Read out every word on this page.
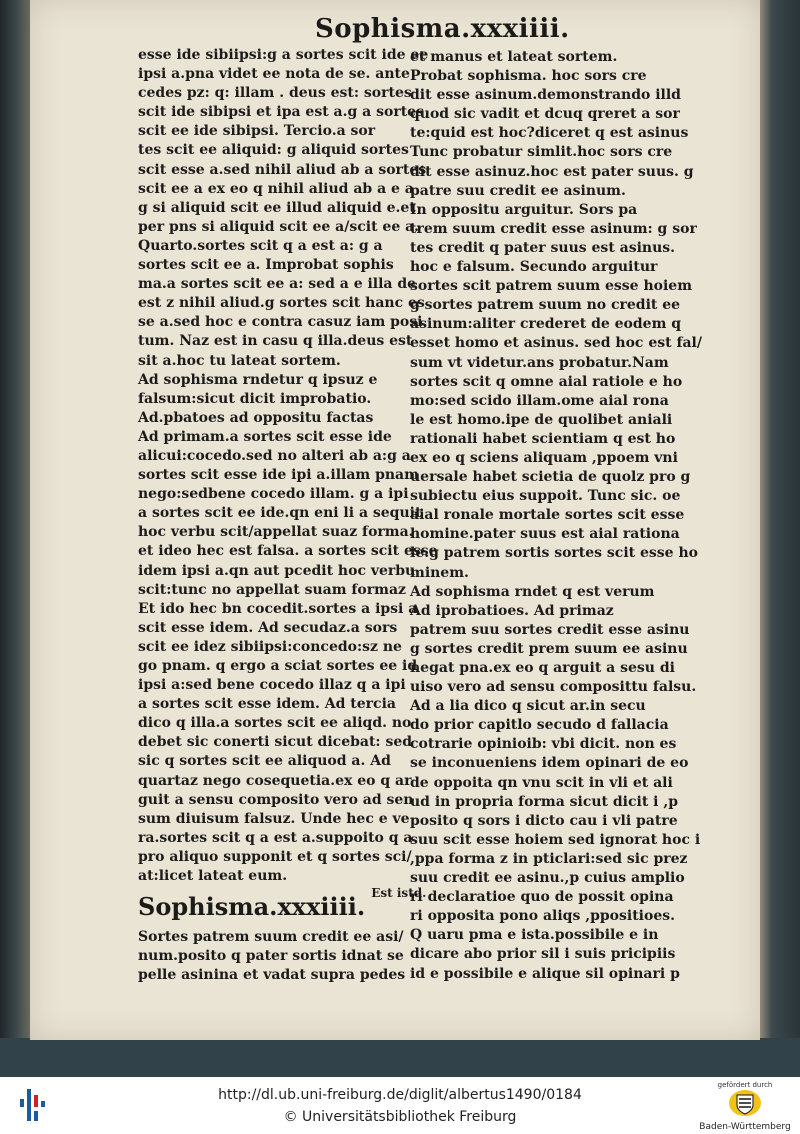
Sophisma.xxxiiii.
esse ide sibiipsi:g a sortes scit ide ee
ipsi a.pna videt ee nota de se. ante
cedes pz: q: illam . deus est: sortes
scit ide sibipsi et ipa est a.g a sortes
scit ee ide sibipsi. Tercio.a sor
tes scit ee aliquid: g aliquid sortes
scit esse a.sed nihil aliud ab a sortes
scit ee a ex eo q nihil aliud ab a e a
g si aliquid scit ee illud aliquid e.et
per pns si aliquid scit ee a/scit ee a.
Quarto.sortes scit q a est a: g a
sortes scit ee a. Improbat sophis
ma.a sortes scit ee a: sed a e illa de
est z nihil aliud.g sortes scit hanc es
se a.sed hoc e contra casuz iam posi
tum. Naz est in casu q illa.deus est
sit a.hoc tu lateat sortem.
Ad sophisma rndetur q ipsuz e
falsum:sicut dicit improbatio.
Ad.pbatoes ad oppositu factas
Ad primam.a sortes scit esse ide
alicui:cocedo.sed no alteri ab a:g a
sortes scit esse ide ipi a.illam pnam
nego:sedbene cocedo illam. g a ipi
a sortes scit ee ide.qn eni li a sequit
hoc verbu scit/appellat suaz forma.
et ideo hec est falsa. a sortes scit esse
idem ipsi a.qn aut pcedit hoc verbu
scit:tunc no appellat suam formaz
Et ido hec bn cocedit.sortes a ipsi a
scit esse idem. Ad secudaz.a sors
scit ee idez sibiipsi:concedo:sz ne
go pnam. q ergo a sciat sortes ee id
ipsi a:sed bene cocedo illaz q a ipi
a sortes scit esse idem. Ad tercia
dico q illa.a sortes scit ee aliqd. no
debet sic conerti sicut dicebat: sed
sic q sortes scit ee aliquod a. Ad
quartaz nego cosequetia.ex eo q ar
guit a sensu composito vero ad sen
sum diuisum falsuz. Unde hec e ve
ra.sortes scit q a est a.suppoito q a
pro aliquo supponit et q sortes sci/
at:licet lateat eum.
Sophisma.xxxiiii. Est istd.
Sortes patrem suum credit ee asi/
num.posito q pater sortis idnat se
pelle asinina et vadat supra pedes
et manus et lateat sortem.
Probat sophisma. hoc sors cre
dit esse asinum.demonstrando illd
quod sic vadit et dcuq qreret a sor
te:quid est hoc?diceret q est asinus
Tunc probatur simlit.hoc sors cre
dit esse asinuz.hoc est pater suus. g
patre suu credit ee asinum.
In oppositu arguitur. Sors pa
trem suum credit esse asinum: g sor
tes credit q pater suus est asinus.
hoc e falsum. Secundo arguitur
sortes scit patrem suum esse hoiem
g sortes patrem suum no credit ee
asinum:aliter crederet de eodem q
esset homo et asinus. sed hoc est fal/
sum vt videtur.ans probatur.Nam
sortes scit q omne aial ratiole e ho
mo:sed scido illam.ome aial rona
le est homo.ipe de quolibet aniali
rationali habet scientiam q est ho
ex eo q sciens aliquam ,ppoem vni
uersale habet scietia de quolz pro g
subiectu eius suppoit. Tunc sic. oe
aial ronale mortale sortes scit esse
homine.pater suus est aial rationa
le.g patrem sortis sortes scit esse ho
minem.
Ad sophisma rndet q est verum
Ad iprobatioes. Ad primaz
patrem suu sortes credit esse asinu
g sortes credit prem suum ee asinu
negat pna.ex eo q arguit a sesu di
uiso vero ad sensu composittu falsu.
Ad a lia dico q sicut ar.in secu
do prior capitlo secudo d fallacia
cotrarie opinioib: vbi dicit. non es
se inconueniens idem opinari de eo
de oppoita qn vnu scit in vli et ali
ud in propria forma sicut dicit i ,p
posito q sors i dicto cau i vli patre
suu scit esse hoiem sed ignorat hoc i
,ppa forma z in pticlari:sed sic prez
suu credit ee asinu.,p cuius amplio
ri declaratioe quo de possit opina
ri opposita pono aliqs ,ppositioes.
Q uaru pma e ista.possibile e in
dicare abo prior sil i suis pricipiis
id e possibile e alique sil opinari p
http://dl.ub.uni-freiburg.de/diglit/albertus1490/0184
© Universitätsbibliothek Freiburg
gefördert durch
Baden-Württemberg
